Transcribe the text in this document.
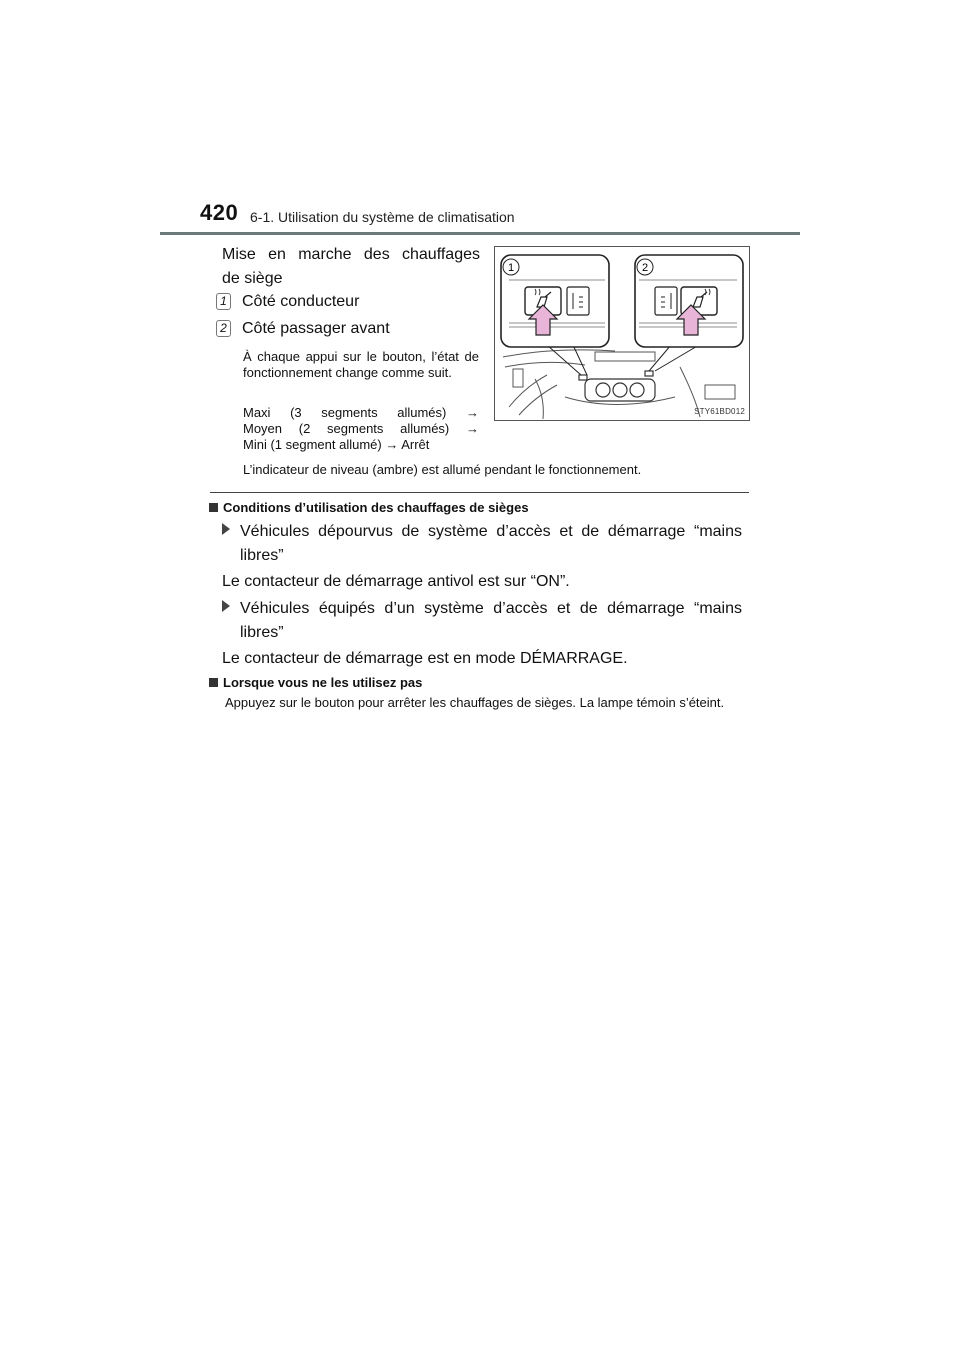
420 6-1. Utilisation du système de climatisation
Mise en marche des chauffages
de siège
1 Côté conducteur
2 Côté passager avant
À chaque appui sur le bouton, l’état de fonctionnement change comme suit.
Maxi (3 segments allumés) →
Moyen (2 segments allumés) →
Mini (1 segment allumé) → Arrêt
L’indicateur de niveau (ambre) est allumé pendant le fonctionnement.
1	2
STY61BD012
Conditions d’utilisation des chauffages de sièges
Véhicules dépourvus de système d’accès et de démarrage “mains libres”
Le contacteur de démarrage antivol est sur “ON”.
Véhicules équipés d’un système d’accès et de démarrage “mains libres”
Le contacteur de démarrage est en mode DÉMARRAGE.
Lorsque vous ne les utilisez pas
Appuyez sur le bouton pour arrêter les chauffages de sièges. La lampe témoin s’éteint.
